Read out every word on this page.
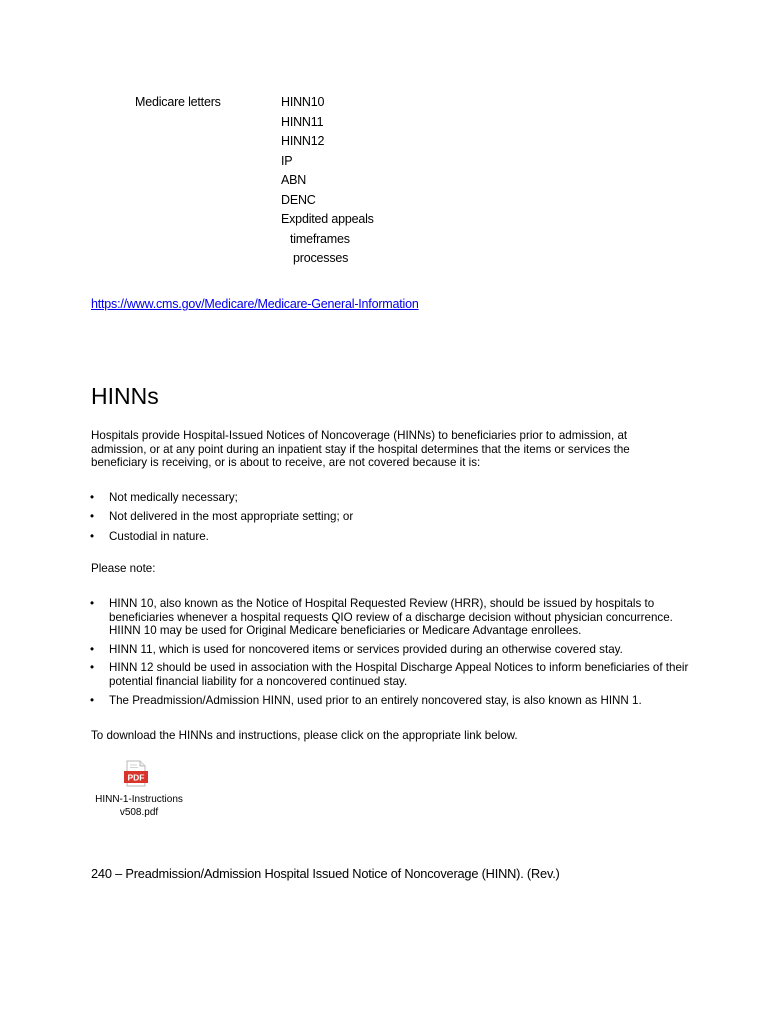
Medicare letters	HINN10
HINN11
HINN12
IP
ABN
DENC
Expdited appeals
timeframes
processes
https://www.cms.gov/Medicare/Medicare-General-Information
HINNs

Hospitals provide Hospital-Issued Notices of Noncoverage (HINNs) to beneficiaries prior to admission, at admission, or at any point during an inpatient stay if the hospital determines that the items or services the beneficiary is receiving, or is about to receive, are not covered because it is:

• Not medically necessary;
• Not delivered in the most appropriate setting; or
• Custodial in nature.

Please note:

• HINN 10, also known as the Notice of Hospital Requested Review (HRR), should be issued by hospitals to beneficiaries whenever a hospital requests QIO review of a discharge decision without physician concurrence. HIINN 10 may be used for Original Medicare beneficiaries or Medicare Advantage enrollees.
• HINN 11, which is used for noncovered items or services provided during an otherwise covered stay.
• HINN 12 should be used in association with the Hospital Discharge Appeal Notices to inform beneficiaries of their potential financial liability for a noncovered continued stay.
• The Preadmission/Admission HINN, used prior to an entirely noncovered stay, is also known as HINN 1.

To download the HINNs and instructions, please click on the appropriate link below.

PDF
HINN-1-Instructions
v508.pdf

240 – Preadmission/Admission Hospital Issued Notice of Noncoverage (HINN). (Rev.)
